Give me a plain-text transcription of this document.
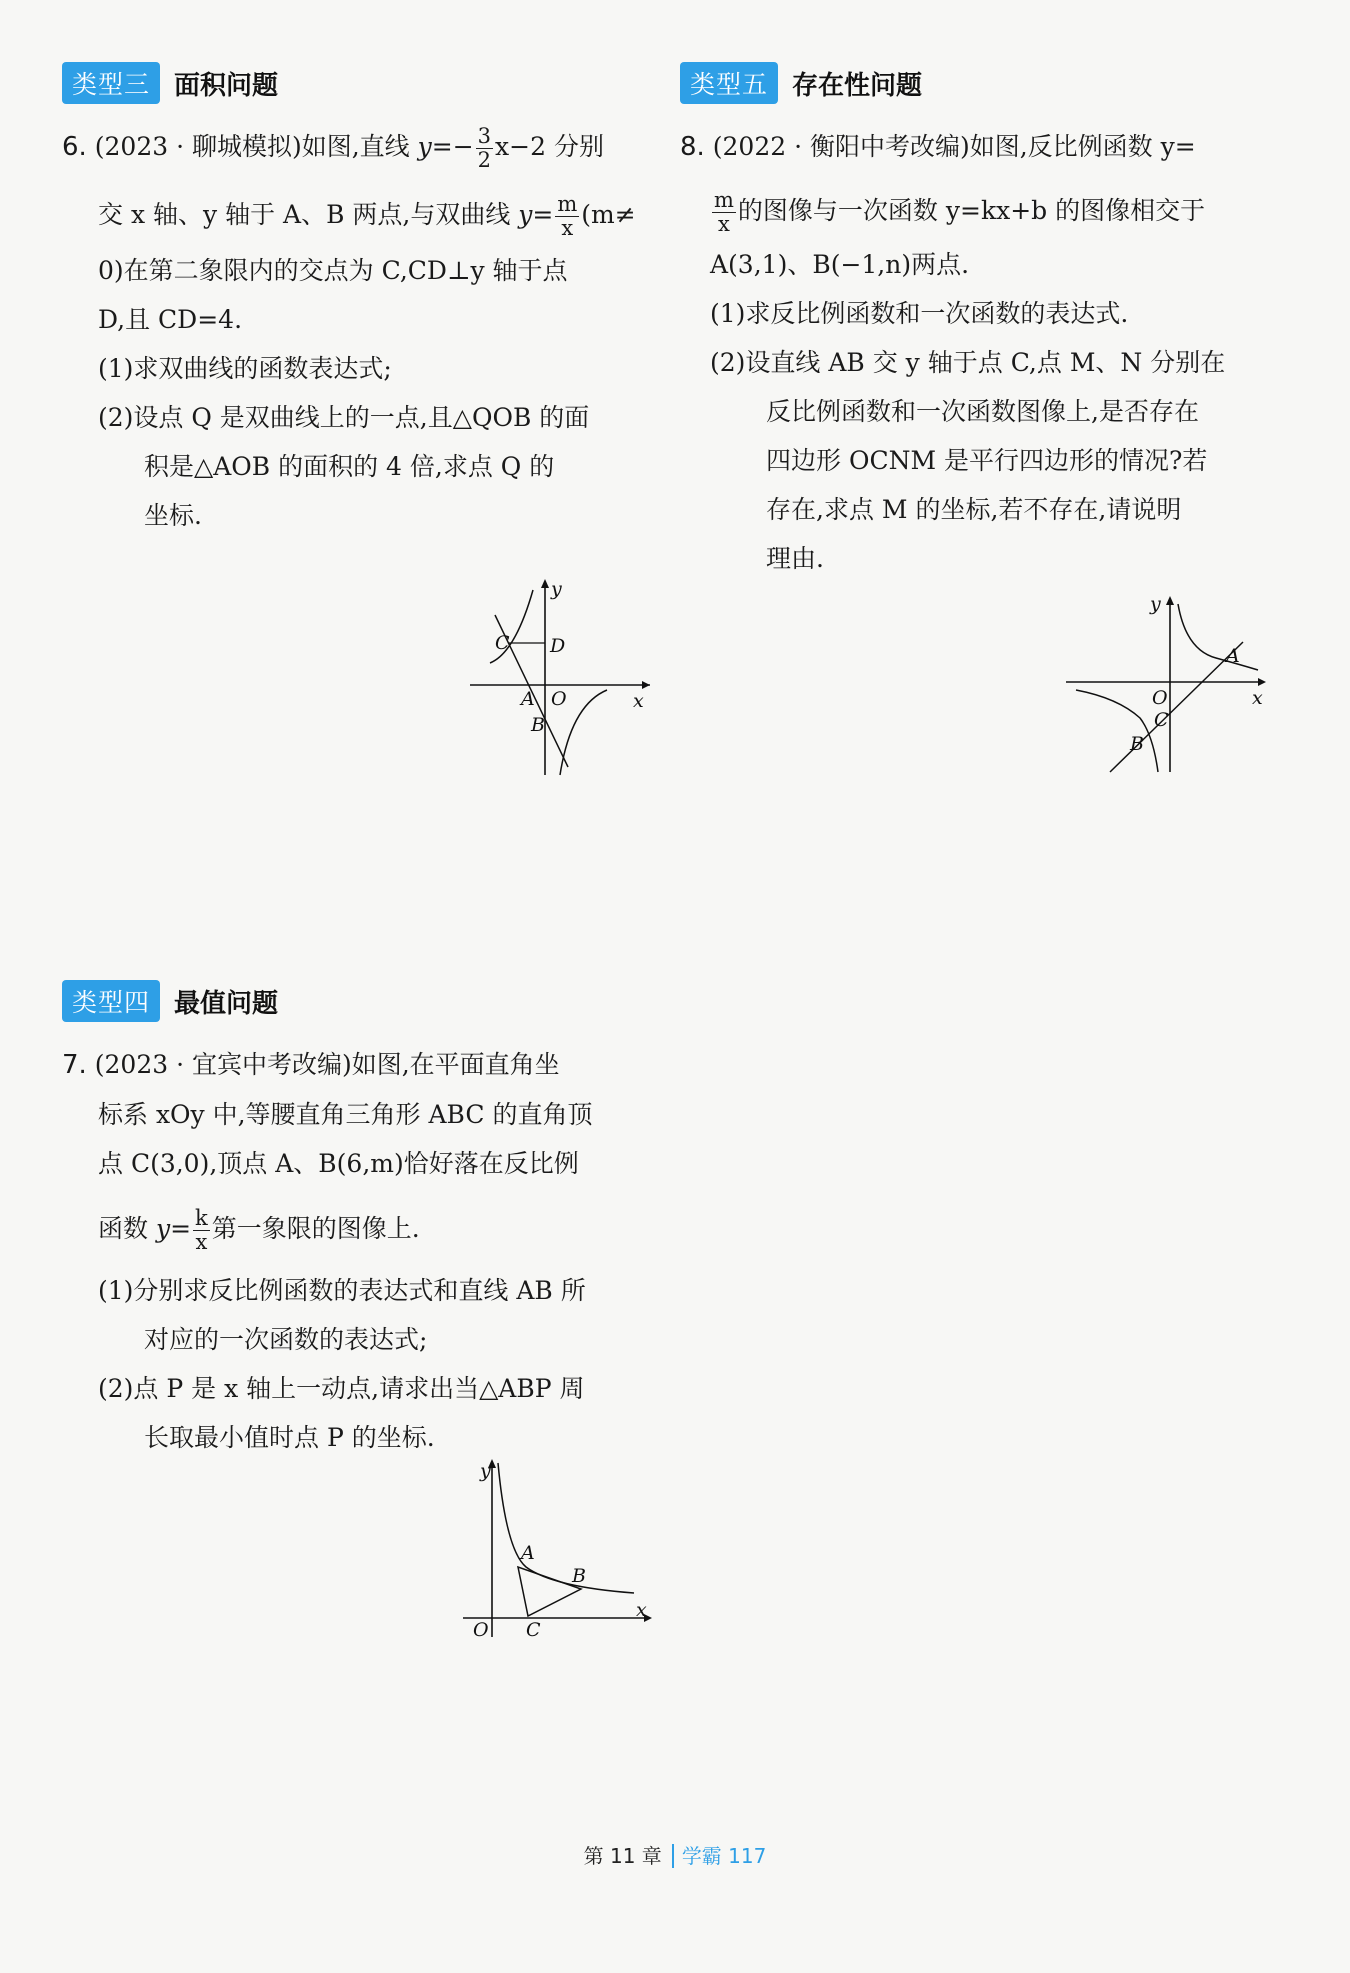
类型三 面积问题
6. (2023 · 聊城模拟)如图,直线 $y=- \frac{3}{2} x-2$ 分别
交 x 轴、y 轴于 A、B 两点,与双曲线 $y= \frac{m}{x} (m\ne$
0)在第二象限内的交点为 C,CD⊥y 轴于点
D,且 CD=4.
(1)求双曲线的函数表达式;
(2)设点 Q 是双曲线上的一点,且△QOB 的面
积是△AOB 的面积的 4 倍,求点 Q 的
坐标.
y
x
C D
A O
B
类型四 最值问题
7. (2023 · 宜宾中考改编)如图,在平面直角坐
标系 xOy 中,等腰直角三角形 ABC 的直角顶
点 C(3,0),顶点 A、B(6,m)恰好落在反比例
函数 $y= \frac{k}{x}$ 第一象限的图像上.
(1)分别求反比例函数的表达式和直线 AB 所
对应的一次函数的表达式;
(2)点 P 是 x 轴上一动点,请求出当△ABP 周
长取最小值时点 P 的坐标.
y
x
A
B
O C
类型五 存在性问题
8. (2022 · 衡阳中考改编)如图,反比例函数 y=
$\frac{m}{x}$ 的图像与一次函数 y=kx+b 的图像相交于
A(3,1)、B(−1,n)两点.
(1)求反比例函数和一次函数的表达式.
(2)设直线 AB 交 y 轴于点 C,点 M、N 分别在
反比例函数和一次函数图像上,是否存在
四边形 OCNM 是平行四边形的情况?若
存在,求点 M 的坐标,若不存在,请说明
理由.
y
x
A
O
C
B
第 11 章 学霸 117
